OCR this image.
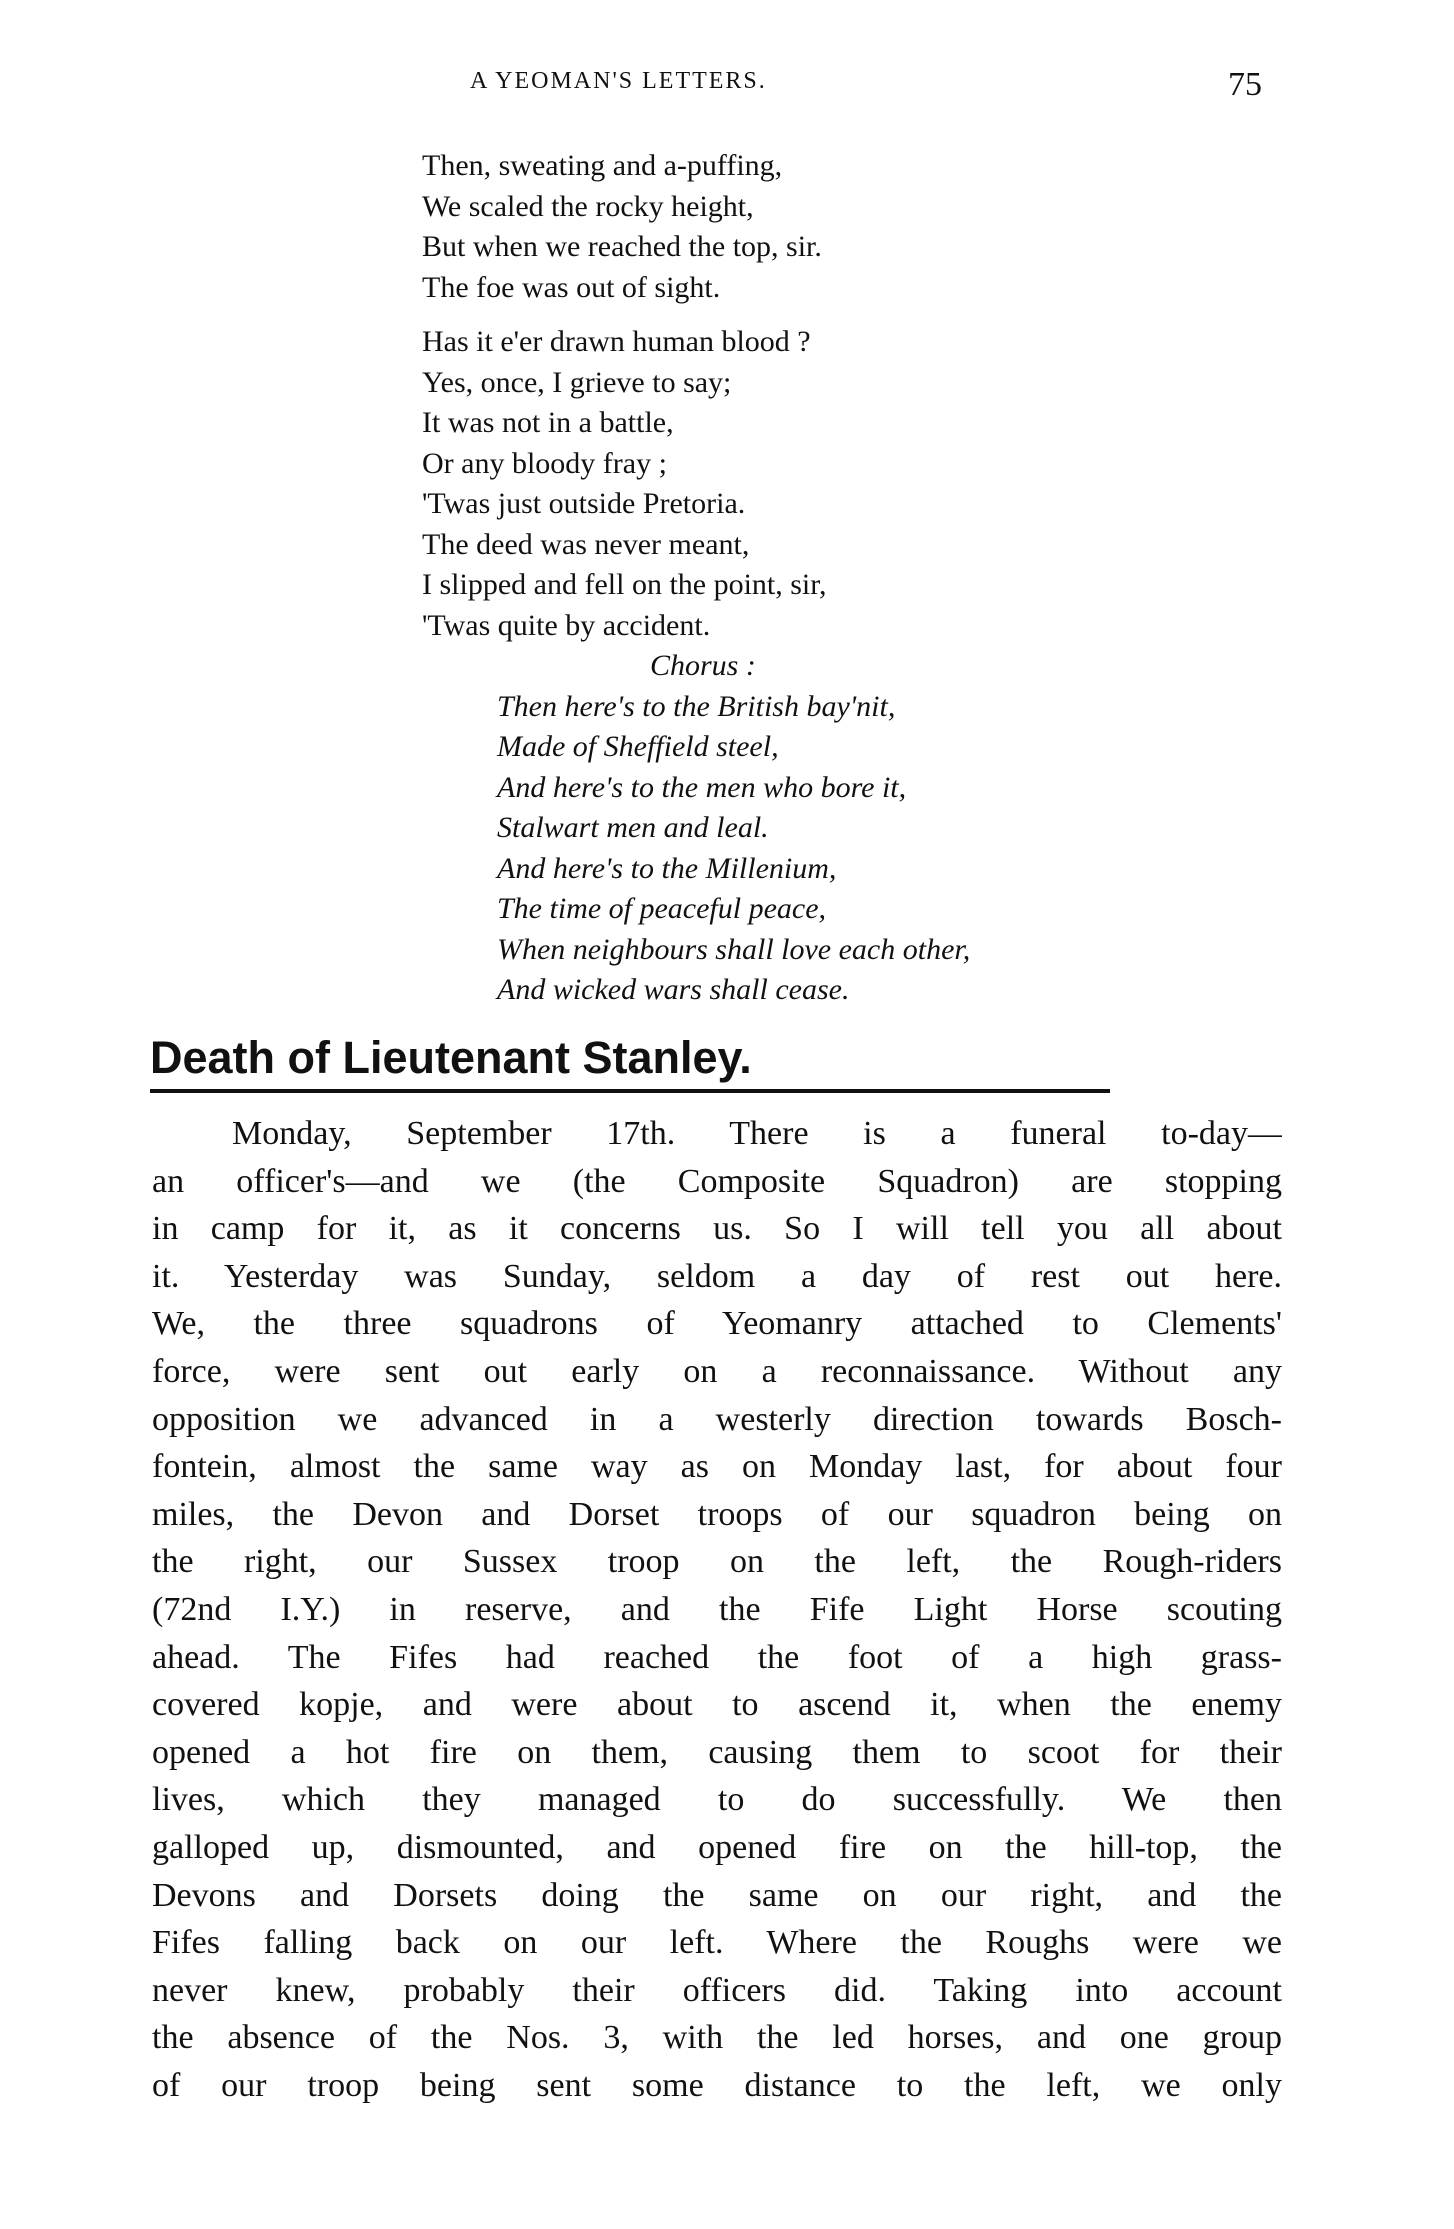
A YEOMAN'S LETTERS.	75
Then, sweating and a-puffing,
We scaled the rocky height,
But when we reached the top, sir.
The foe was out of sight.
Has it e'er drawn human blood ?
Yes, once, I grieve to say;
It was not in a battle,
Or any bloody fray ;
'Twas just outside Pretoria.
The deed was never meant,
I slipped and fell on the point, sir,
'Twas quite by accident.
Chorus :
Then here's to the British bay'nit,
Made of Sheffield steel,
And here's to the men who bore it,
Stalwart men and leal.
And here's to the Millenium,
The time of peaceful peace,
When neighbours shall love each other,
And wicked wars shall cease.
Death of Lieutenant Stanley.
Monday, September 17th. There is a funeral to-day—
an officer's—and we (the Composite Squadron) are stopping
in camp for it, as it concerns us. So I will tell you all about
it. Yesterday was Sunday, seldom a day of rest out here.
We, the three squadrons of Yeomanry attached to Clements'
force, were sent out early on a reconnaissance. Without any
opposition we advanced in a westerly direction towards Bosch-
fontein, almost the same way as on Monday last, for about four
miles, the Devon and Dorset troops of our squadron being on
the right, our Sussex troop on the left, the Rough-riders
(72nd I.Y.) in reserve, and the Fife Light Horse scouting
ahead. The Fifes had reached the foot of a high grass-
covered kopje, and were about to ascend it, when the enemy
opened a hot fire on them, causing them to scoot for their
lives, which they managed to do successfully. We then
galloped up, dismounted, and opened fire on the hill-top, the
Devons and Dorsets doing the same on our right, and the
Fifes falling back on our left. Where the Roughs were we
never knew, probably their officers did. Taking into account
the absence of the Nos. 3, with the led horses, and one group
of our troop being sent some distance to the left, we only
